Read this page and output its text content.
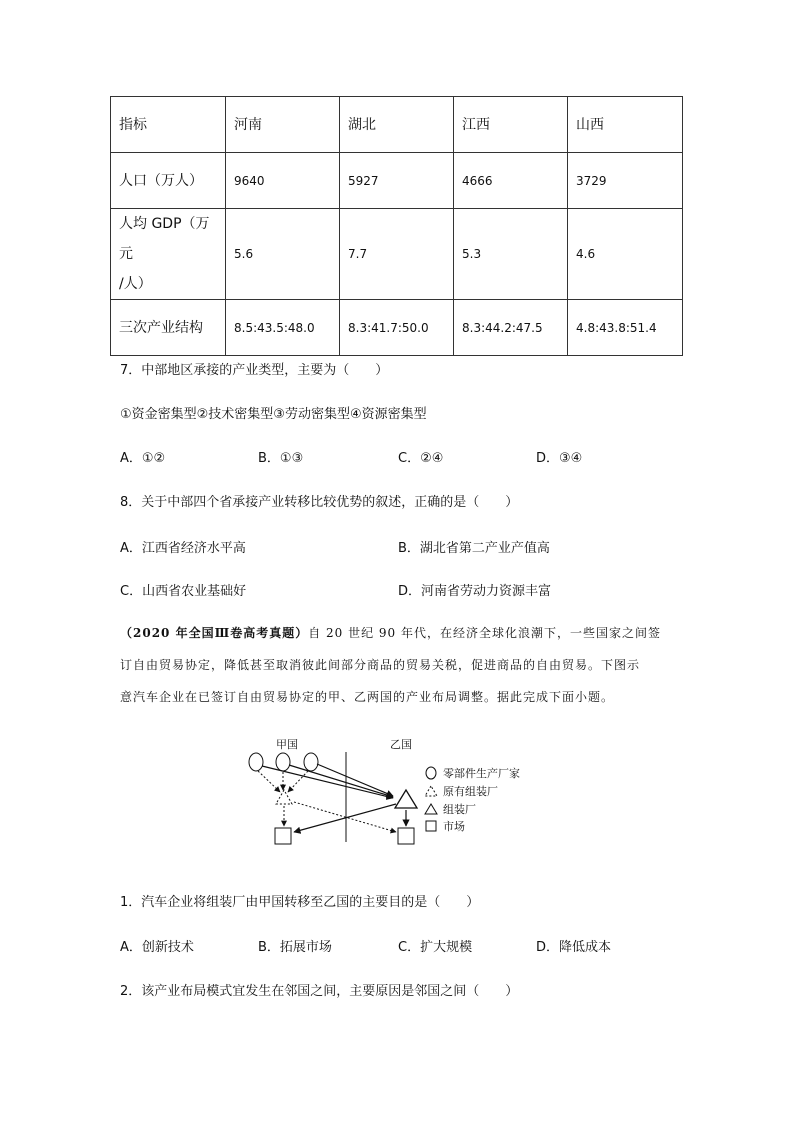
指标	河南	湖北	江西	山西
人口（万人）	9640	5927	4666	3729
人均 GDP（万元
/人）	5.6	7.7	5.3	4.6
三次产业结构	8.5:43.5:48.0	8.3:41.7:50.0	8.3:44.2:47.5	4.8:43.8:51.4
7．中部地区承接的产业类型，主要为（　　）
①资金密集型②技术密集型③劳动密集型④资源密集型
A．①②	B．①③	C．②④	D．③④
8．关于中部四个省承接产业转移比较优势的叙述，正确的是（　　）
A．江西省经济水平高	B．湖北省第二产业产值高
C．山西省农业基础好	D．河南省劳动力资源丰富
（2020 年全国Ⅲ卷高考真题）自 20 世纪 90 年代，在经济全球化浪潮下，一些国家之间签
订自由贸易协定，降低甚至取消彼此间部分商品的贸易关税，促进商品的自由贸易。下图示
意汽车企业在已签订自由贸易协定的甲、乙两国的产业布局调整。据此完成下面小题。
甲国	乙国
零部件生产厂家
原有组装厂
组装厂
市场
1．汽车企业将组装厂由甲国转移至乙国的主要目的是（　　）
A．创新技术	B．拓展市场	C．扩大规模	D．降低成本
2．该产业布局模式宜发生在邻国之间，主要原因是邻国之间（　　）
